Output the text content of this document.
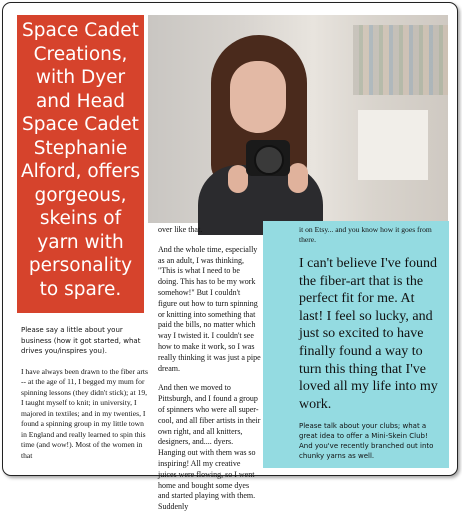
Space Cadet Creations, with Dyer and Head Space Cadet Stephanie Alford, offers gorgeous, skeins of yarn with personality to spare.
Please say a little about your business (how it got started, what drives you/inspires you).

I have always been drawn to the fiber arts -- at the age of 11, I begged my mum for spinning lessons (they didn't stick); at 19, I taught myself to knit; in university, I majored in textiles; and in my twenties, I found a spinning group in my little town in England and really learned to spin this time (and wow!). Most of the women in that

over like that.

And the whole time, especially as an adult, I was thinking, "This is what I need to be doing. This has to be my work somehow!" But I couldn't figure out how to turn spinning or knitting into something that paid the bills, no matter which way I twisted it. I couldn't see how to make it work, so I was really thinking it was just a pipe dream.

And then we moved to Pittsburgh, and I found a group of spinners who were all super-cool, and all fiber artists in their own right, and all knitters, designers, and.... dyers. Hanging out with them was so inspiring! All my creative juices were flowing, so I went home and bought some dyes and started playing with them. Suddenly

it on Etsy... and you know how it goes from there.

I can't believe I've found the fiber-art that is the perfect fit for me. At last! I feel so lucky, and just so excited to have finally found a way to turn this thing that I've loved all my life into my work.

Please talk about your clubs; what a great idea to offer a Mini-Skein Club! And you've recently branched out into chunky yarns as well.
